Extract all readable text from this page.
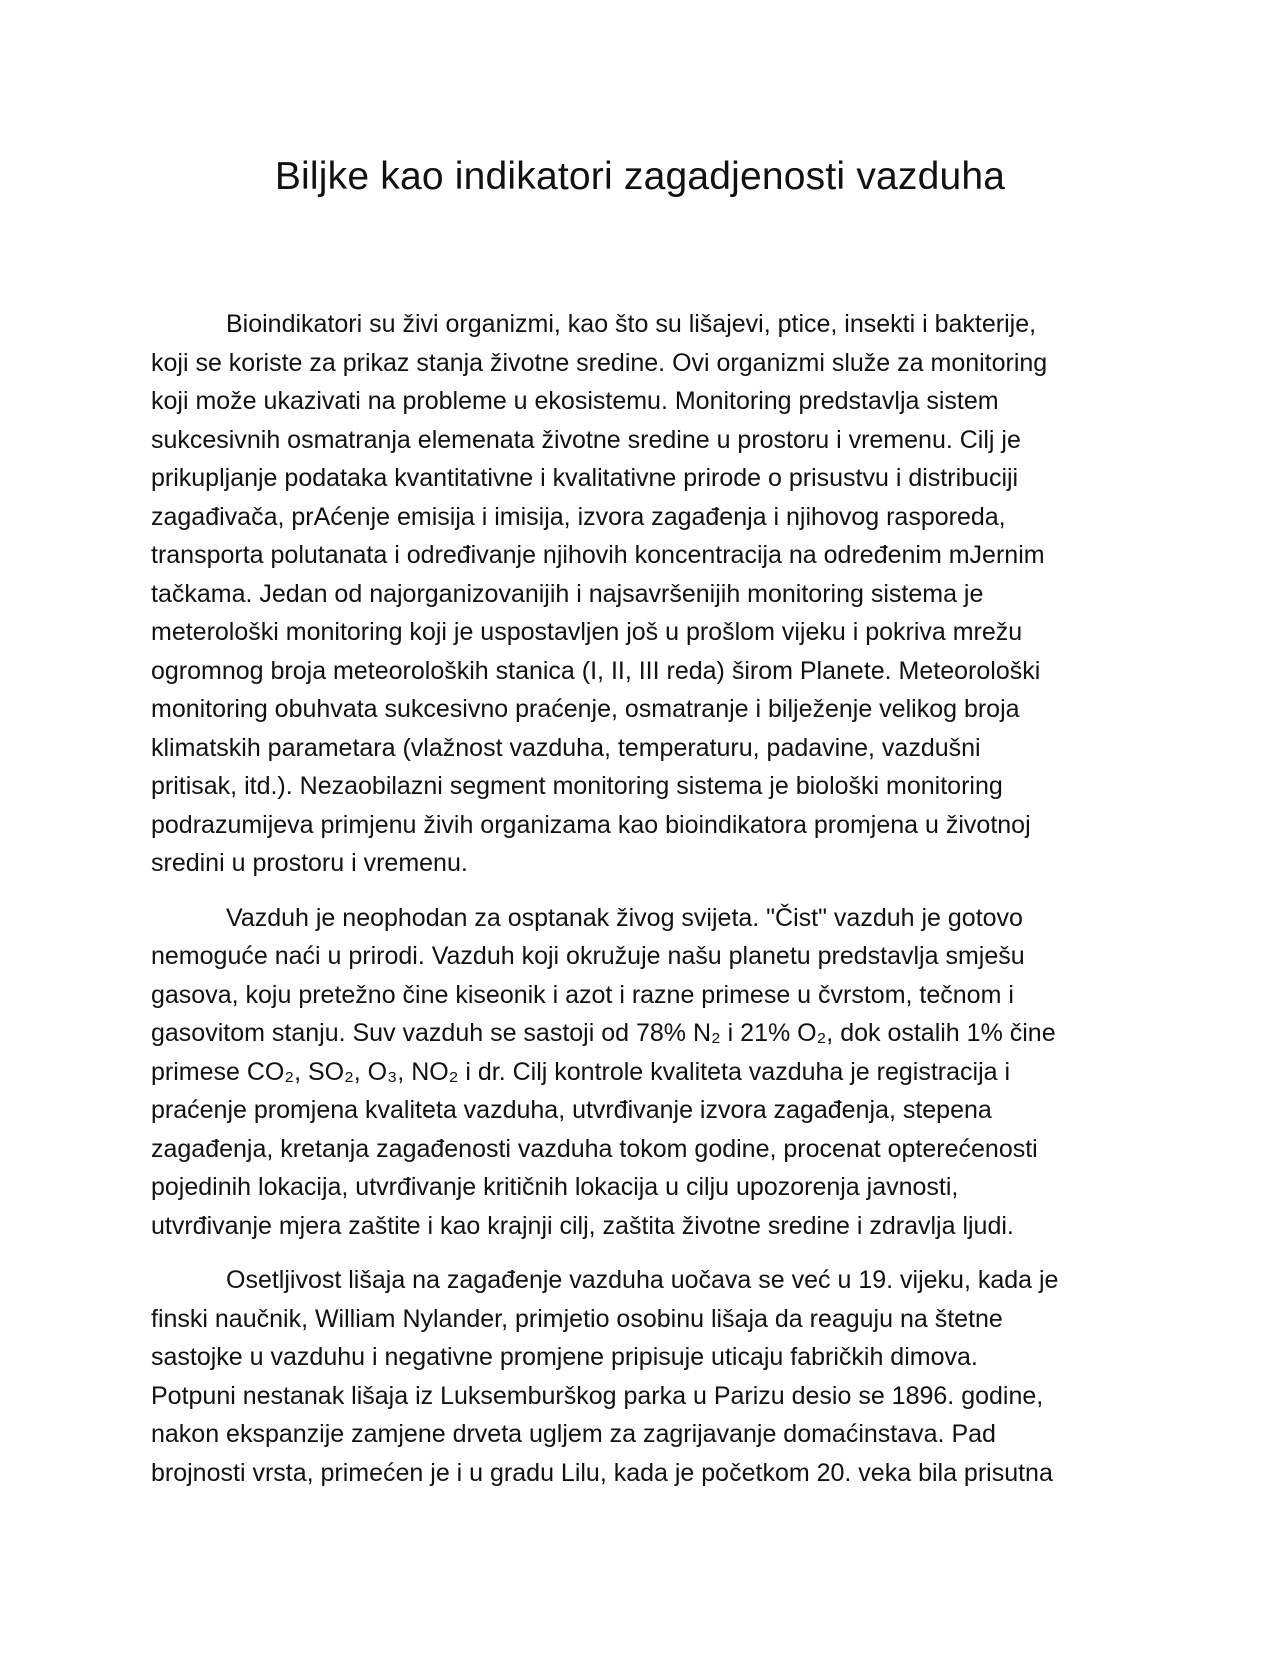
Biljke kao indikatori zagadjenosti vazduha

Bioindikatori su živi organizmi, kao što su lišajevi, ptice, insekti i bakterije,
koji se koriste za prikaz stanja životne sredine. Ovi organizmi služe za monitoring
koji može ukazivati na probleme u ekosistemu. Monitoring predstavlja sistem
sukcesivnih osmatranja elemenata životne sredine u prostoru i vremenu. Cilj je
prikupljanje podataka kvantitativne i kvalitativne prirode o prisustvu i distribuciji
zagađivača, prAćenje emisija i imisija, izvora zagađenja i njihovog rasporeda,
transporta polutanata i određivanje njihovih koncentracija na određenim mJernim
tačkama. Jedan od najorganizovanijih i najsavršenijih monitoring sistema je
meterološki monitoring koji je uspostavljen još u prošlom vijeku i pokriva mrežu
ogromnog broja meteoroloških stanica (I, II, III reda) širom Planete. Meteorološki
monitoring obuhvata sukcesivno praćenje, osmatranje i bilježenje velikog broja
klimatskih parametara (vlažnost vazduha, temperaturu, padavine, vazdušni
pritisak, itd.). Nezaobilazni segment monitoring sistema je biološki monitoring
podrazumijeva primjenu živih organizama kao bioindikatora promjena u životnoj
sredini u prostoru i vremenu.

Vazduh je neophodan za osptanak živog svijeta. "Čist" vazduh je gotovo
nemoguće naći u prirodi. Vazduh koji okružuje našu planetu predstavlja smješu
gasova, koju pretežno čine kiseonik i azot i razne primese u čvrstom, tečnom i
gasovitom stanju. Suv vazduh se sastoji od 78% N₂ i 21% O₂, dok ostalih 1% čine
primese CO₂, SO₂, O₃, NO₂ i dr. Cilj kontrole kvaliteta vazduha je registracija i
praćenje promjena kvaliteta vazduha, utvrđivanje izvora zagađenja, stepena
zagađenja, kretanja zagađenosti vazduha tokom godine, procenat opterećenosti
pojedinih lokacija, utvrđivanje kritičnih lokacija u cilju upozorenja javnosti,
utvrđivanje mjera zaštite i kao krajnji cilj, zaštita životne sredine i zdravlja ljudi.

Osetljivost lišaja na zagađenje vazduha uočava se već u 19. vijeku, kada je
finski naučnik, William Nylander, primjetio osobinu lišaja da reaguju na štetne
sastojke u vazduhu i negativne promjene pripisuje uticaju fabričkih dimova.
Potpuni nestanak lišaja iz Luksemburškog parka u Parizu desio se 1896. godine,
nakon ekspanzije zamjene drveta ugljem za zagrijavanje domaćinstava. Pad
brojnosti vrsta, primećen je i u gradu Lilu, kada je početkom 20. veka bila prisutna
